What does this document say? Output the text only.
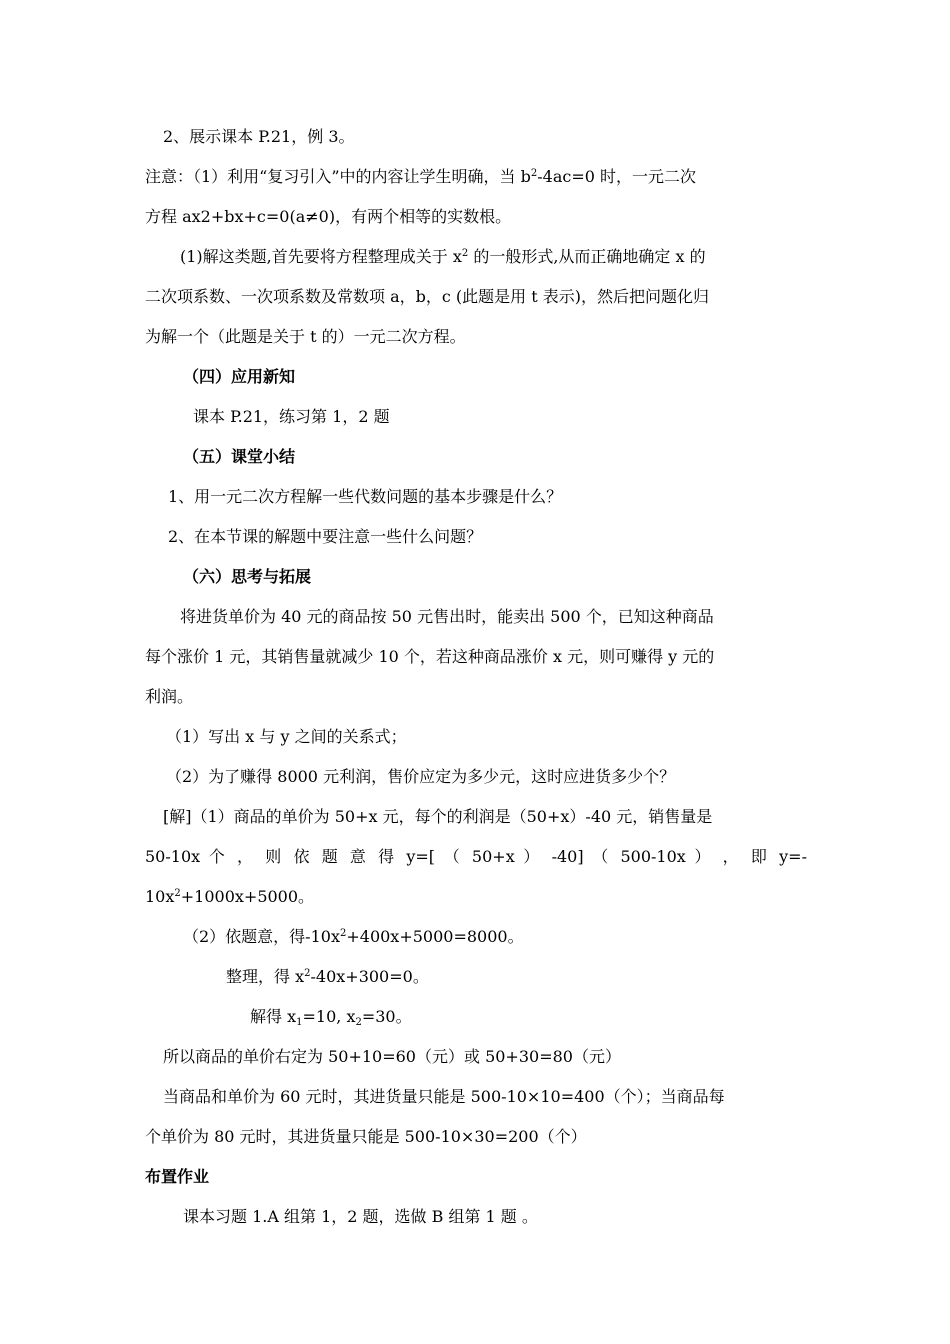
2、展示课本 P.21，例 3。
注意：（1）利用“复习引入”中的内容让学生明确，当 $b^2-4ac=0$ 时，一元二次
方程 ax2+bx+c=0(a≠0)，有两个相等的实数根。
(1)解这类题,首先要将方程整理成关于 $x^2$ 的一般形式,从而正确地确定 x 的
二次项系数、一次项系数及常数项 a，b，c (此题是用 t 表示)，然后把问题化归
为解一个（此题是关于 t 的）一元二次方程。
（四）应用新知
课本 P.21，练习第 1，2 题
（五）课堂小结
1、用一元二次方程解一些代数问题的基本步骤是什么？
2、在本节课的解题中要注意一些什么问题？
（六）思考与拓展
将进货单价为 40 元的商品按 50 元售出时，能卖出 500 个，已知这种商品
每个涨价 1 元，其销售量就减少 10 个，若这种商品涨价 x 元，则可赚得 y 元的
利润。
（1）写出 x 与 y 之间的关系式；
（2）为了赚得 8000 元利润，售价应定为多少元，这时应进货多少个？
[解]（1）商品的单价为 50+x 元，每个的利润是（50+x）-40 元，销售量是
50-10x 个 ， 则 依 题 意 得 y=[ （ 50+x ） -40] （ 500-10x ） ， 即 y=-
$10x^2+1000x+5000$。
（2）依题意，得$-10x^2+400x+5000=8000$。
整理，得 $x^2-40x+300=0$。
解得 $x_1=10$, $x_2=30$。
所以商品的单价右定为 50+10=60（元）或 50+30=80（元）
当商品和单价为 60 元时，其进货量只能是 500-10×10=400（个）；当商品每
个单价为 80 元时，其进货量只能是 500-10×30=200（个）
布置作业
课本习题 1.A 组第 1，2 题，选做 B 组第 1 题 。
